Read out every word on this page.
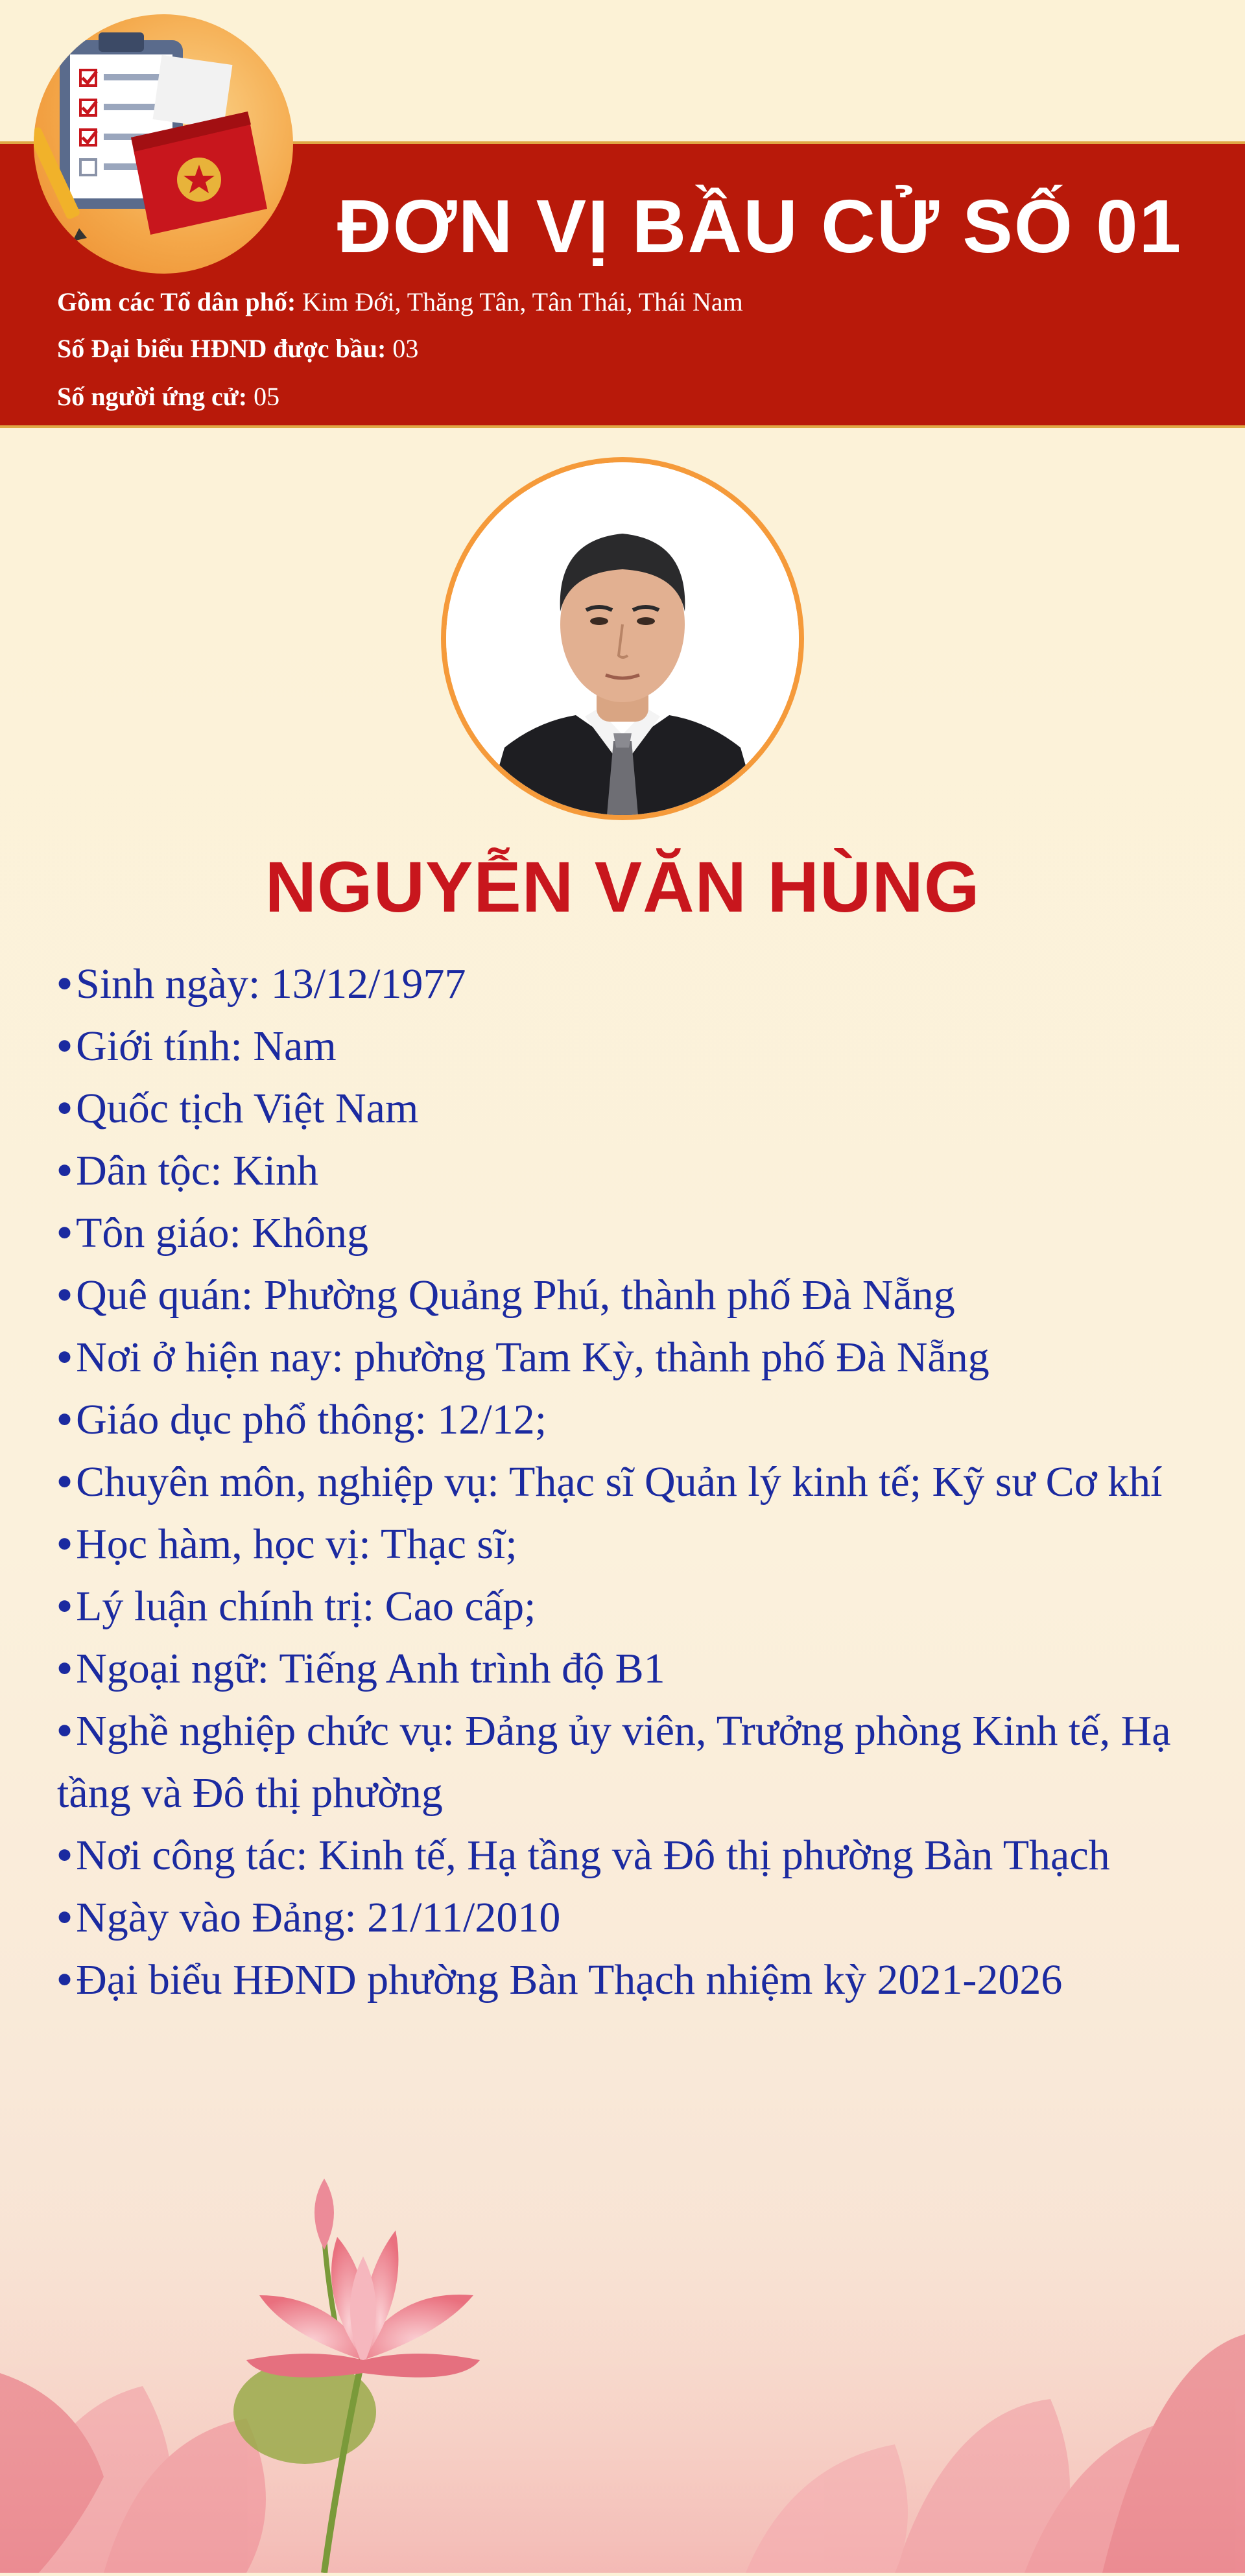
ĐƠN VỊ BẦU CỬ SỐ 01
Gồm các Tổ dân phố: Kim Đới, Thăng Tân, Tân Thái, Thái Nam
Số Đại biểu HĐND được bầu: 03
Số người ứng cử: 05
NGUYỄN VĂN HÙNG
•Sinh ngày: 13/12/1977
•Giới tính: Nam
•Quốc tịch Việt Nam
•Dân tộc: Kinh
•Tôn giáo: Không
•Quê quán: Phường Quảng Phú, thành phố Đà Nẵng
•Nơi ở hiện nay: phường Tam Kỳ, thành phố Đà Nẵng
•Giáo dục phổ thông: 12/12;
•Chuyên môn, nghiệp vụ: Thạc sĩ Quản lý kinh tế; Kỹ sư Cơ khí
•Học hàm, học vị: Thạc sĩ;
•Lý luận chính trị: Cao cấp;
•Ngoại ngữ: Tiếng Anh trình độ B1
•Nghề nghiệp chức vụ: Đảng ủy viên, Trưởng phòng Kinh tế, Hạ tầng và Đô thị phường
•Nơi công tác: Kinh tế, Hạ tầng và Đô thị phường Bàn Thạch
•Ngày vào Đảng: 21/11/2010
•Đại biểu HĐND phường Bàn Thạch nhiệm kỳ 2021-2026
